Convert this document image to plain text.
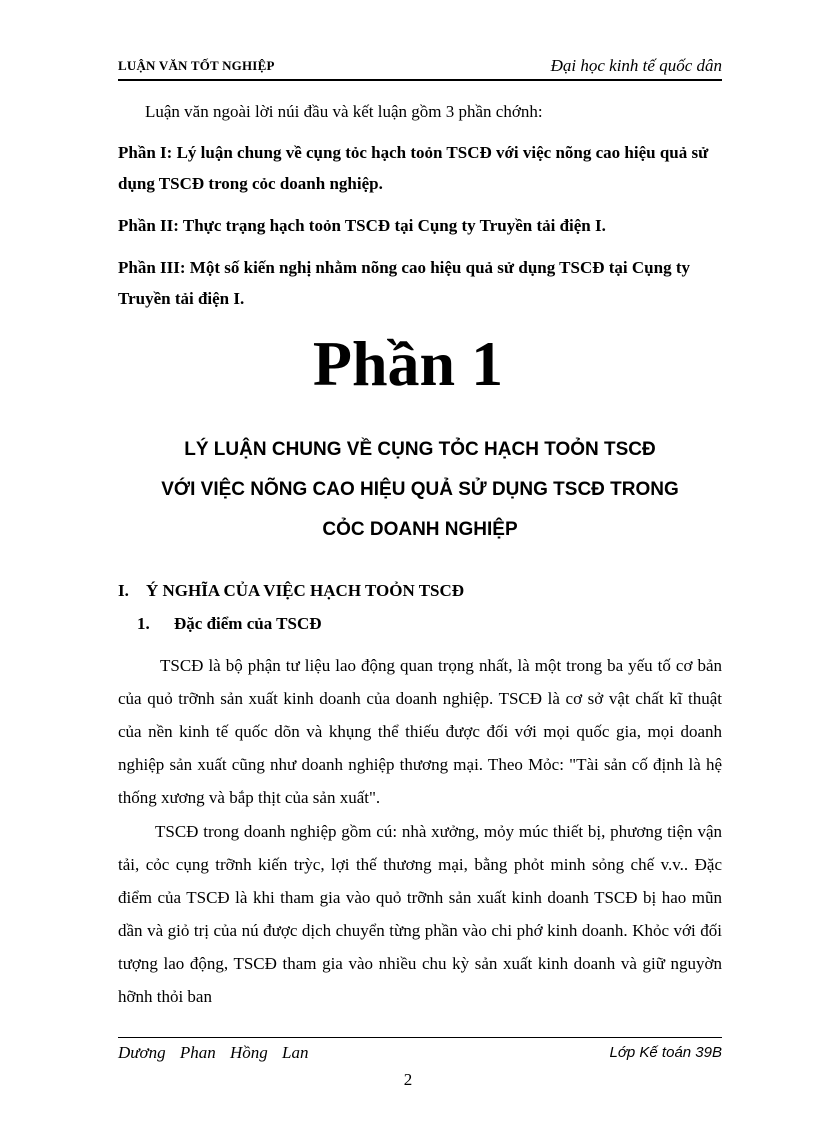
LUẬN VĂN TỐT NGHIỆP	Đại học kinh tế quốc dân

Luận văn ngoài lời núi đầu và kết luận gồm 3 phần chớnh:

Phần I: Lý luận chung về cụng tỏc hạch toỏn TSCĐ với việc nõng cao hiệu quả sử dụng TSCĐ trong cỏc doanh nghiệp.

Phần II: Thực trạng hạch toỏn TSCĐ tại Cụng ty Truyền tải điện I.

Phần III: Một số kiến nghị nhằm nõng cao hiệu quả sử dụng TSCĐ tại Cụng ty Truyền tải điện I.

Phần 1
LÝ LUẬN CHUNG VỀ CỤNG TỎC HẠCH TOỎN TSCĐ
VỚI VIỆC NÕNG CAO HIỆU QUẢ SỬ DỤNG TSCĐ TRONG
CỎC DOANH NGHIỆP
I. Ý NGHĨA CỦA VIỆC HẠCH TOỎN TSCĐ
1. Đặc điểm của TSCĐ

TSCĐ là bộ phận tư liệu lao động quan trọng nhất, là một trong ba yếu tố cơ bản của quỏ trỡnh sản xuất kinh doanh của doanh nghiệp. TSCĐ là cơ sở vật chất kĩ thuật của nền kinh tế quốc dõn và khụng thể thiếu được đối với mọi quốc gia, mọi doanh nghiệp sản xuất cũng như doanh nghiệp thương mại. Theo Mỏc: "Tài sản cố định là hệ thống xương và bắp thịt của sản xuất".

TSCĐ trong doanh nghiệp gồm cú: nhà xưởng, mỏy múc thiết bị, phương tiện vận tải, cỏc cụng trỡnh kiến trỳc, lợi thế thương mại, bằng phỏt minh sỏng chế v.v.. Đặc điểm của TSCĐ là khi tham gia vào quỏ trỡnh sản xuất kinh doanh TSCĐ bị hao mũn dần và giỏ trị của nú được dịch chuyển từng phần vào chi phớ kinh doanh. Khỏc với đối tượng lao động, TSCĐ tham gia vào nhiều chu kỳ sản xuất kinh doanh và giữ nguyờn hỡnh thỏi ban

Dương Phan Hồng Lan	Lớp Kế toán 39B
2
